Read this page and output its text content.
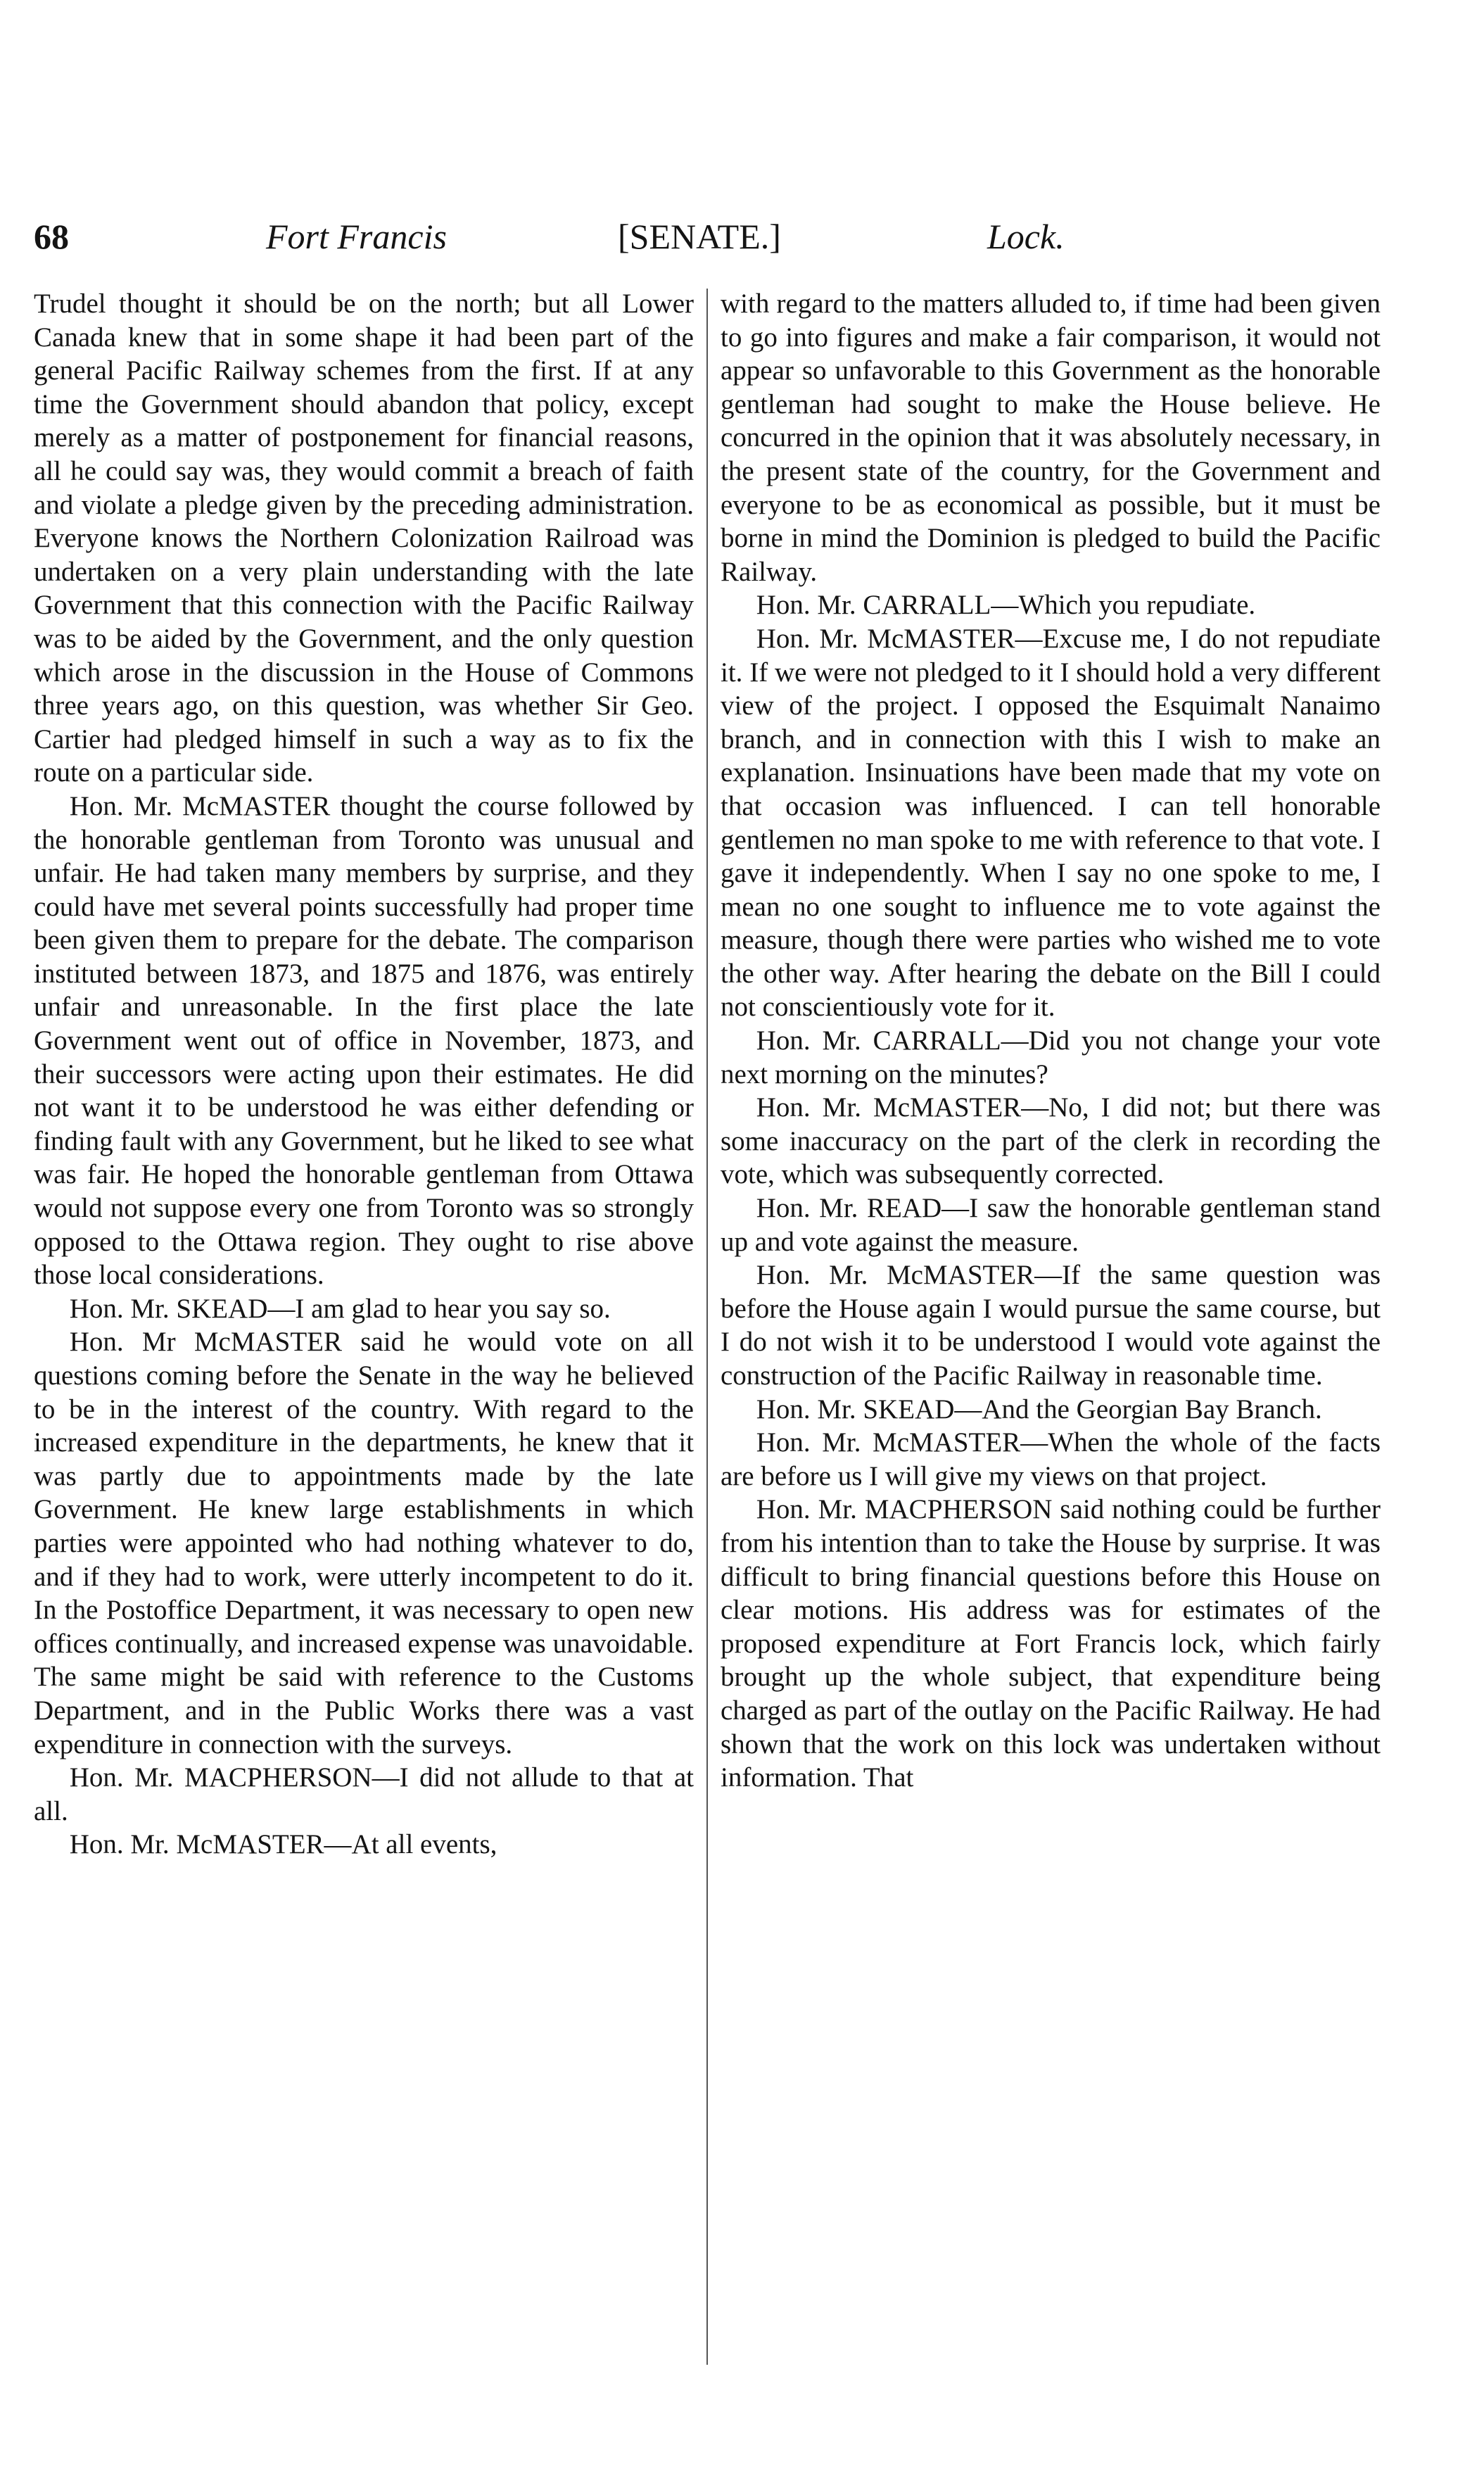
68	Fort Francis	[SENATE.]	Lock.

Trudel thought it should be on the north; but all Lower Canada knew that in some shape it had been part of the general Pacific Railway schemes from the first. If at any time the Government should abandon that policy, except merely as a matter of postponement for financial reasons, all he could say was, they would commit a breach of faith and violate a pledge given by the preceding administration. Everyone knows the Northern Colonization Railroad was undertaken on a very plain understanding with the late Government that this connection with the Pacific Railway was to be aided by the Government, and the only question which arose in the discussion in the House of Commons three years ago, on this question, was whether Sir Geo. Cartier had pledged himself in such a way as to fix the route on a particular side.

Hon. Mr. McMASTER thought the course followed by the honorable gentleman from Toronto was unusual and unfair. He had taken many members by surprise, and they could have met several points successfully had proper time been given them to prepare for the debate. The comparison instituted between 1873, and 1875 and 1876, was entirely unfair and unreasonable. In the first place the late Government went out of office in November, 1873, and their successors were acting upon their estimates. He did not want it to be understood he was either defending or finding fault with any Government, but he liked to see what was fair. He hoped the honorable gentleman from Ottawa would not suppose every one from Toronto was so strongly opposed to the Ottawa region. They ought to rise above those local considerations.

Hon. Mr. SKEAD—I am glad to hear you say so.

Hon. Mr McMASTER said he would vote on all questions coming before the Senate in the way he believed to be in the interest of the country. With regard to the increased expenditure in the departments, he knew that it was partly due to appointments made by the late Government. He knew large establishments in which parties were appointed who had nothing whatever to do, and if they had to work, were utterly incompetent to do it. In the Postoffice Department, it was necessary to open new offices continually, and increased expense was unavoidable. The same might be said with reference to the Customs Department, and in the Public Works there was a vast expenditure in connection with the surveys.

Hon. Mr. MACPHERSON—I did not allude to that at all.

Hon. Mr. McMASTER—At all events,

with regard to the matters alluded to, if time had been given to go into figures and make a fair comparison, it would not appear so unfavorable to this Government as the honorable gentleman had sought to make the House believe. He concurred in the opinion that it was absolutely necessary, in the present state of the country, for the Government and everyone to be as economical as possible, but it must be borne in mind the Dominion is pledged to build the Pacific Railway.

Hon. Mr. CARRALL—Which you repudiate.

Hon. Mr. McMASTER—Excuse me, I do not repudiate it. If we were not pledged to it I should hold a very different view of the project. I opposed the Esquimalt Nanaimo branch, and in connection with this I wish to make an explanation. Insinuations have been made that my vote on that occasion was influenced. I can tell honorable gentlemen no man spoke to me with reference to that vote. I gave it independently. When I say no one spoke to me, I mean no one sought to influence me to vote against the measure, though there were parties who wished me to vote the other way. After hearing the debate on the Bill I could not conscientiously vote for it.

Hon. Mr. CARRALL—Did you not change your vote next morning on the minutes?

Hon. Mr. McMASTER—No, I did not; but there was some inaccuracy on the part of the clerk in recording the vote, which was subsequently corrected.

Hon. Mr. READ—I saw the honorable gentleman stand up and vote against the measure.

Hon. Mr. McMASTER—If the same question was before the House again I would pursue the same course, but I do not wish it to be understood I would vote against the construction of the Pacific Railway in reasonable time.

Hon. Mr. SKEAD—And the Georgian Bay Branch.

Hon. Mr. McMASTER—When the whole of the facts are before us I will give my views on that project.

Hon. Mr. MACPHERSON said nothing could be further from his intention than to take the House by surprise. It was difficult to bring financial questions before this House on clear motions. His address was for estimates of the proposed expenditure at Fort Francis lock, which fairly brought up the whole subject, that expenditure being charged as part of the outlay on the Pacific Railway. He had shown that the work on this lock was undertaken without information. That
